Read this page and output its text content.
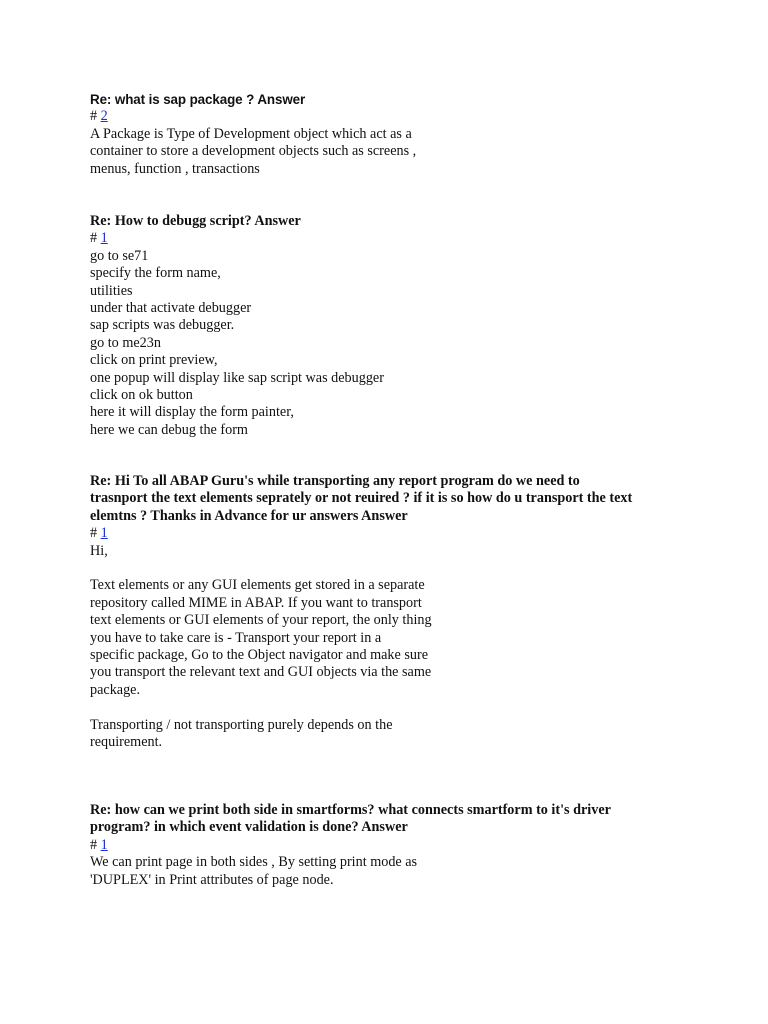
Re: what is sap package ? Answer

# 2

A Package is Type of Development object which act as a

container to store a development objects such as screens ,

menus, function , transactions

Re: How to debugg script? Answer

# 1

go to se71

specify the form name,

utilities

under that activate debugger

sap scripts was debugger.

go to me23n

click on print preview,

one popup will display like sap script was debugger

click on ok button

here it will display the form painter,

here we can debug the form

Re: Hi To all ABAP Guru's while transporting any report program do we need to

trasnport the text elements seprately or not reuired ? if it is so how do u transport the text

elemtns ? Thanks in Advance for ur answers Answer

# 1

Hi,

Text elements or any GUI elements get stored in a separate

repository called MIME in ABAP. If you want to transport

text elements or GUI elements of your report, the only thing

you have to take care is - Transport your report in a

specific package, Go to the Object navigator and make sure

you transport the relevant text and GUI objects via the same

package.

Transporting / not transporting purely depends on the

requirement.

Re: how can we print both side in smartforms? what connects smartform to it's driver

program? in which event validation is done? Answer

# 1

We can print page in both sides , By setting print mode as

'DUPLEX' in Print attributes of page node.
